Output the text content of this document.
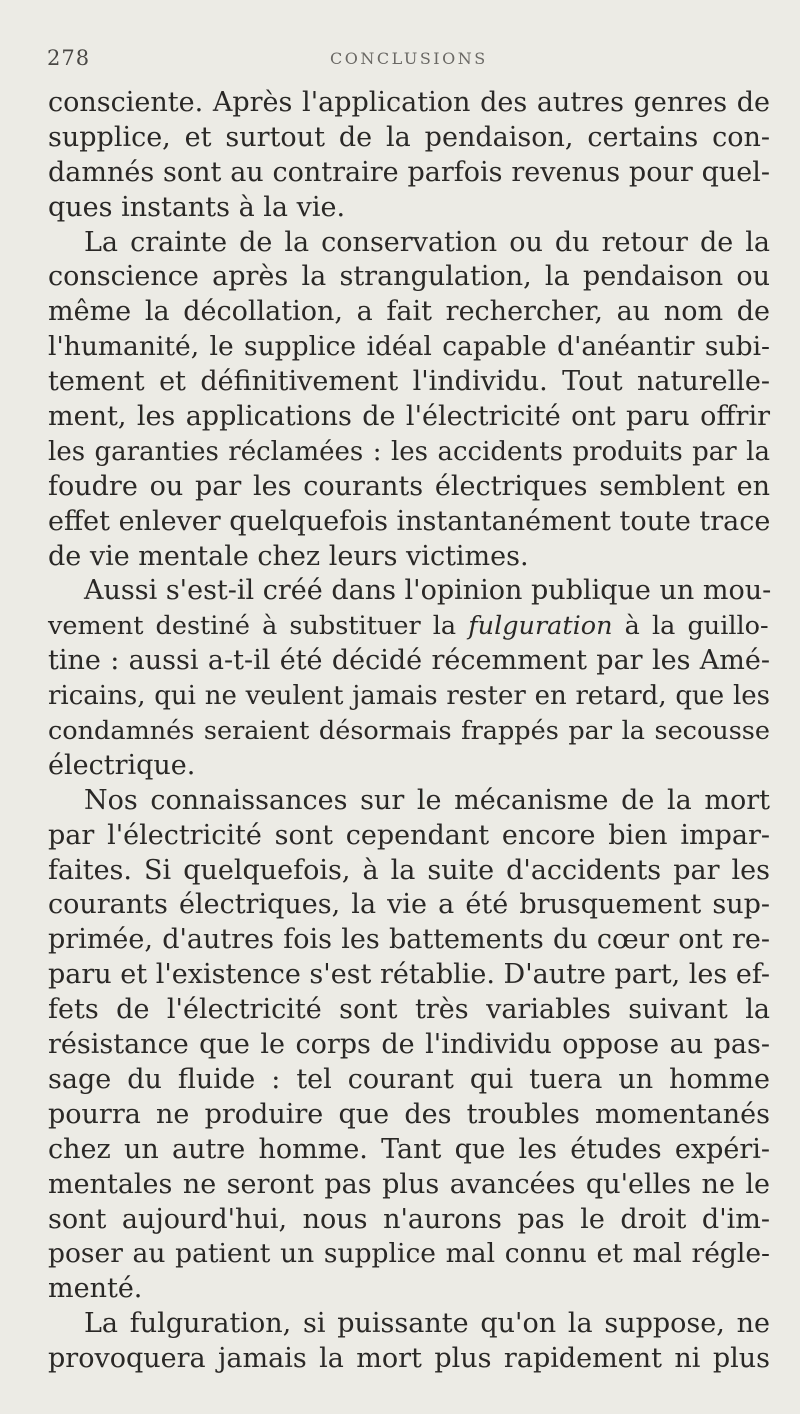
278	CONCLUSIONS
consciente. Après l'application des autres genres de
supplice, et surtout de la pendaison, certains con-
damnés sont au contraire parfois revenus pour quel-
ques instants à la vie.
La crainte de la conservation ou du retour de la
conscience après la strangulation, la pendaison ou
même la décollation, a fait rechercher, au nom de
l'humanité, le supplice idéal capable d'anéantir subi-
tement et définitivement l'individu. Tout naturelle-
ment, les applications de l'électricité ont paru offrir
les garanties réclamées : les accidents produits par la
foudre ou par les courants électriques semblent en
effet enlever quelquefois instantanément toute trace
de vie mentale chez leurs victimes.
Aussi s'est-il créé dans l'opinion publique un mou-
vement destiné à substituer la fulguration à la guillo-
tine : aussi a-t-il été décidé récemment par les Amé-
ricains, qui ne veulent jamais rester en retard, que les
condamnés seraient désormais frappés par la secousse
électrique.
Nos connaissances sur le mécanisme de la mort
par l'électricité sont cependant encore bien impar-
faites. Si quelquefois, à la suite d'accidents par les
courants électriques, la vie a été brusquement sup-
primée, d'autres fois les battements du cœur ont re-
paru et l'existence s'est rétablie. D'autre part, les ef-
fets de l'électricité sont très variables suivant la
résistance que le corps de l'individu oppose au pas-
sage du fluide : tel courant qui tuera un homme
pourra ne produire que des troubles momentanés
chez un autre homme. Tant que les études expéri-
mentales ne seront pas plus avancées qu'elles ne le
sont aujourd'hui, nous n'aurons pas le droit d'im-
poser au patient un supplice mal connu et mal régle-
menté.
La fulguration, si puissante qu'on la suppose, ne
provoquera jamais la mort plus rapidement ni plus
